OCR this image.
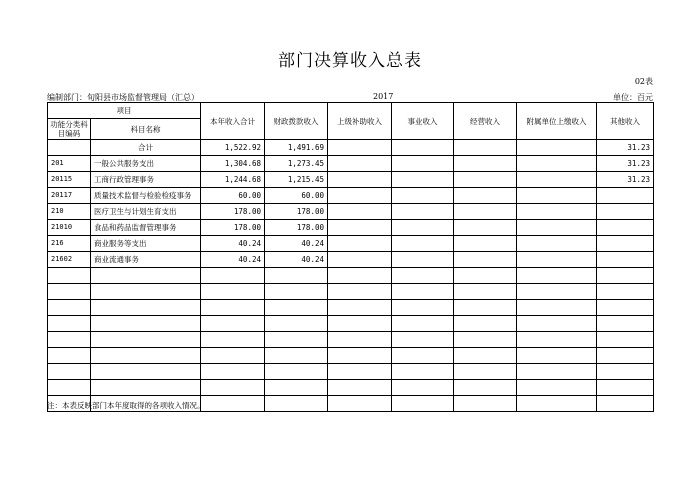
部门决算收入总表
02表
编制部门：旬阳县市场监督管理局（汇总）	2017	单位：百元
项目		本年收入合计	财政拨款收入	上级补助收入	事业收入	经营收入	附属单位上缴收入	其他收入
功能分类科目编码	科目名称							
	合计	1,522.92	1,491.69					31.23
201	一般公共服务支出	1,304.68	1,273.45					31.23
20115	工商行政管理事务	1,244.68	1,215.45					31.23
20117	质量技术监督与检验检疫事务	60.00	60.00					
210	医疗卫生与计划生育支出	178.00	178.00					
21010	食品和药品监督管理事务	178.00	178.00					
216	商业服务等支出	40.24	40.24					
21602	商业流通事务	40.24	40.24					

注：本表反映部门本年度取得的各项收入情况。
